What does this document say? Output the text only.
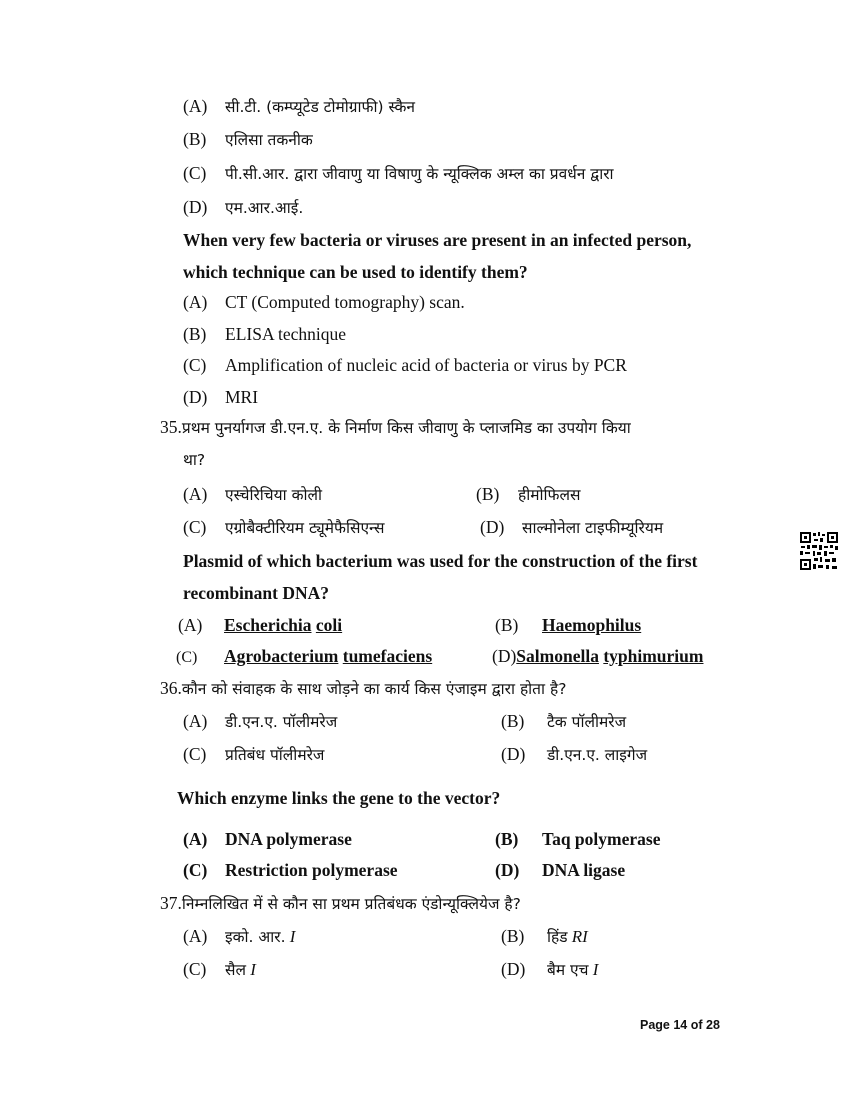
(A) सी.टी. (कम्प्यूटेड टोमोग्राफी) स्कैन
(B) एलिसा तकनीक
(C) पी.सी.आर. द्वारा जीवाणु या विषाणु के न्यूक्लिक अम्ल का प्रवर्धन द्वारा
(D) एम.आर.आई.
When very few bacteria or viruses are present in an infected person,
which technique can be used to identify them?
(A) CT (Computed tomography) scan.
(B) ELISA technique
(C) Amplification of nucleic acid of bacteria or virus by PCR
(D) MRI
35.प्रथम पुनर्यागज डी.एन.ए. के निर्माण किस जीवाणु के प्लाजमिड का उपयोग किया
था?
(A) एस्चेरिचिया कोली	(B) हीमोफिलस
(C) एग्रोबैक्टीरियम ट्यूमेफैसिएन्स	(D) साल्मोनेला टाइफीम्यूरियम
Plasmid of which bacterium was used for the construction of the first
recombinant DNA?
(A) Escherichia coli	(B) Haemophilus
(C) Agrobacterium tumefaciens	(D)Salmonella typhimurium
36.कौन को संवाहक के साथ जोड़ने का कार्य किस एंजाइम द्वारा होता है?
(A) डी.एन.ए. पॉलीमरेज	(B) टैक पॉलीमरेज
(C) प्रतिबंध पॉलीमरेज	(D) डी.एन.ए. लाइगेज
Which enzyme links the gene to the vector?
(A) DNA polymerase	(B) Taq polymerase
(C) Restriction polymerase	(D) DNA ligase
37.निम्नलिखित में से कौन सा प्रथम प्रतिबंधक एंडोन्यूक्लियेज है?
(A) इको. आर. I	(B) हिंड RI
(C) सैल I	(D) बैम एच I
Page 14 of 28
